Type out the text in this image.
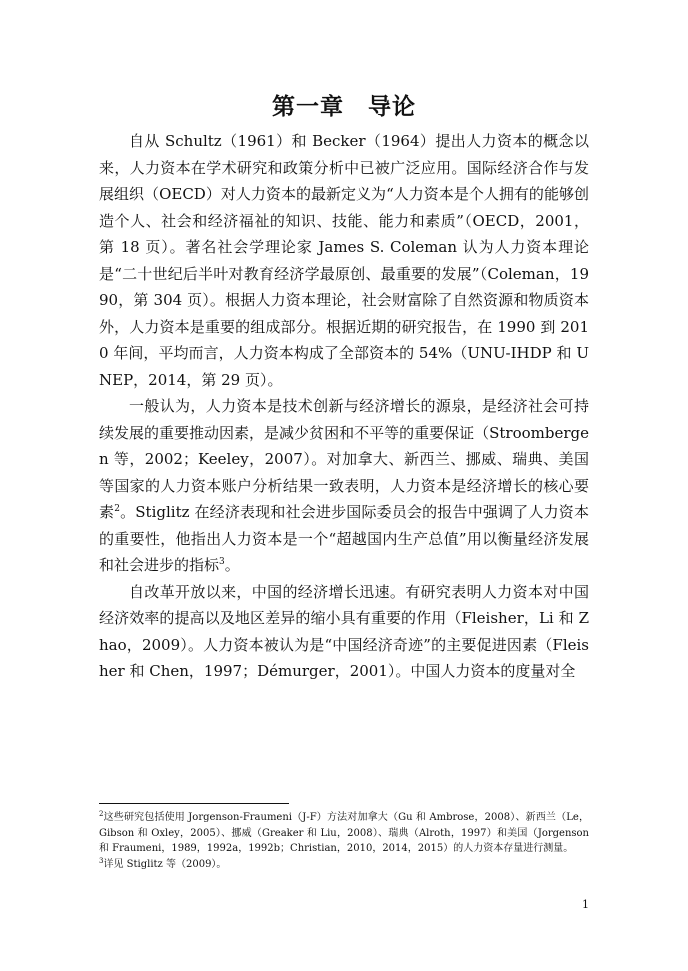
第一章　导论

自从 Schultz（1961）和 Becker（1964）提出人力资本的概念以来，人力资本在学术研究和政策分析中已被广泛应用。国际经济合作与发展组织（OECD）对人力资本的最新定义为“人力资本是个人拥有的能够创造个人、社会和经济福祉的知识、技能、能力和素质”（OECD，2001，第 18 页）。著名社会学理论家 James S. Coleman 认为人力资本理论是“二十世纪后半叶对教育经济学最原创、最重要的发展”（Coleman，1990，第 304 页）。根据人力资本理论，社会财富除了自然资源和物质资本外，人力资本是重要的组成部分。根据近期的研究报告，在 1990 到 2010 年间，平均而言，人力资本构成了全部资本的 54%（UNU-IHDP 和 UNEP，2014，第 29 页）。

一般认为，人力资本是技术创新与经济增长的源泉，是经济社会可持续发展的重要推动因素，是减少贫困和不平等的重要保证（Stroombergen 等，2002；Keeley，2007）。对加拿大、新西兰、挪威、瑞典、美国等国家的人力资本账户分析结果一致表明，人力资本是经济增长的核心要素$^2$。Stiglitz 在经济表现和社会进步国际委员会的报告中强调了人力资本的重要性，他指出人力资本是一个“超越国内生产总值”用以衡量经济发展和社会进步的指标$^3$。

自改革开放以来，中国的经济增长迅速。有研究表明人力资本对中国经济效率的提高以及地区差异的缩小具有重要的作用（Fleisher，Li 和 Zhao，2009）。人力资本被认为是“中国经济奇迹”的主要促进因素（Fleisher 和 Chen，1997；Démurger，2001）。中国人力资本的度量对全

$^2$这些研究包括使用 Jorgenson-Fraumeni（J-F）方法对加拿大（Gu 和 Ambrose，2008）、新西兰（Le，Gibson 和 Oxley，2005）、挪威（Greaker 和 Liu，2008）、瑞典（Alroth，1997）和美国（Jorgenson 和 Fraumeni，1989，1992a，1992b；Christian，2010，2014，2015）的人力资本存量进行测量。

$^3$详见 Stiglitz 等（2009）。

1
